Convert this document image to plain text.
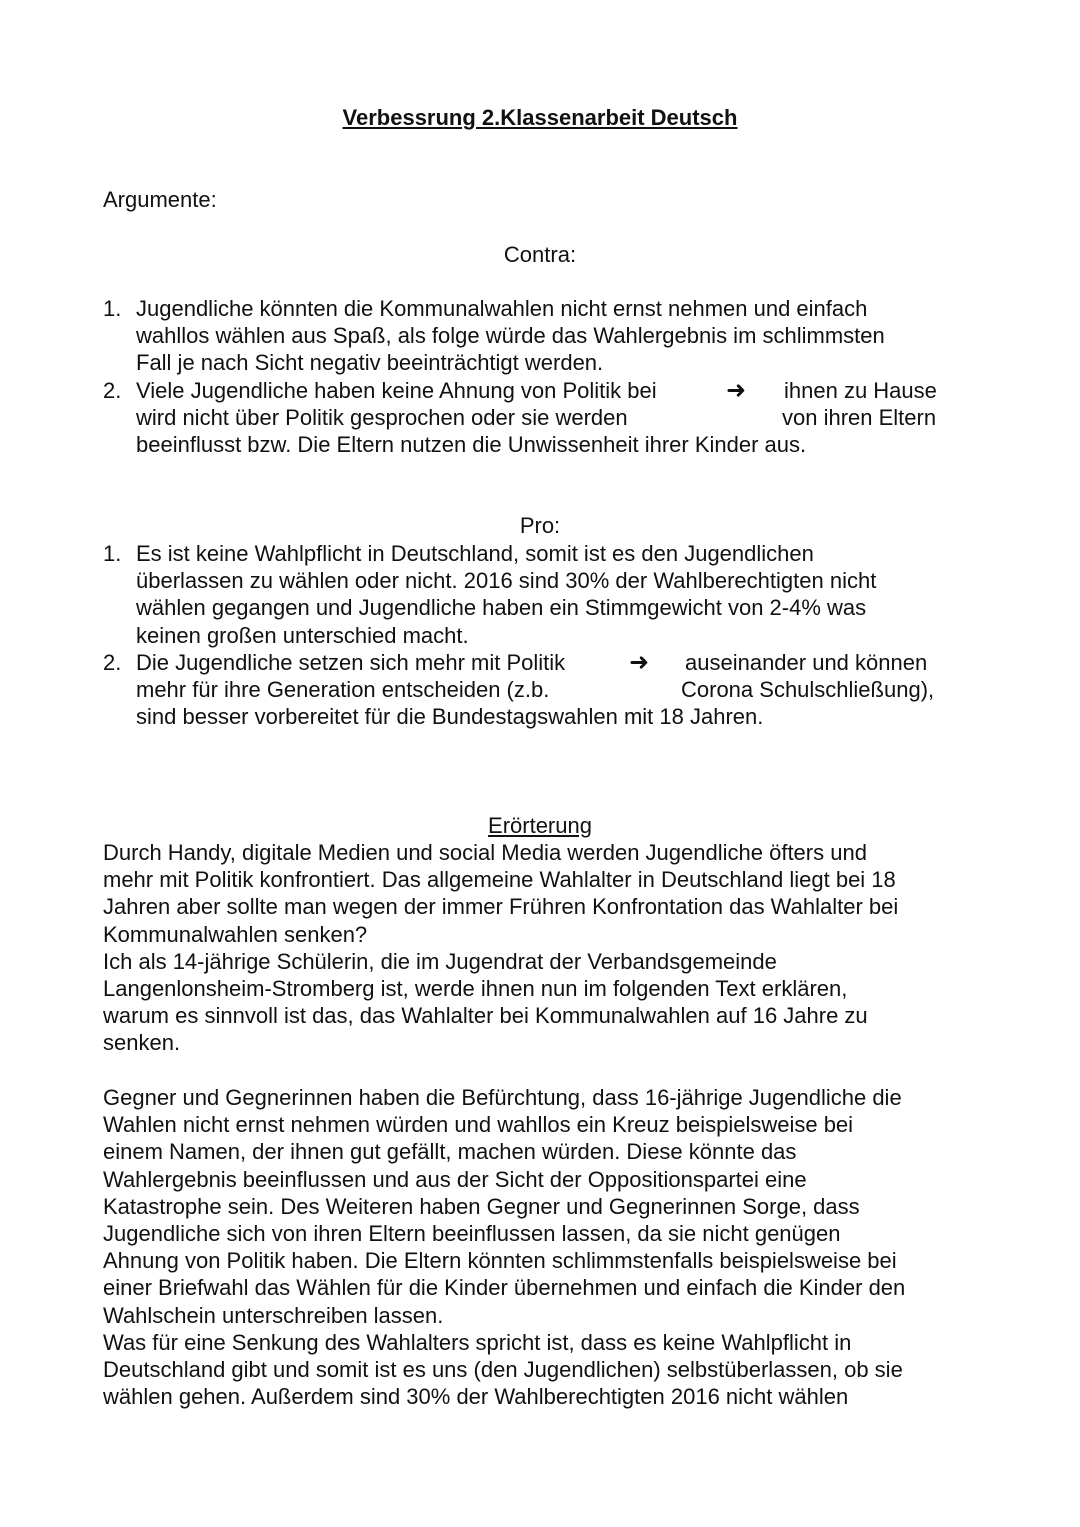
Verbessrung 2.Klassenarbeit Deutsch
Argumente:
Contra:
1. Jugendliche könnten die Kommunalwahlen nicht ernst nehmen und einfach
wahllos wählen aus Spaß, als folge würde das Wahlergebnis im schlimmsten
Fall je nach Sicht negativ beeinträchtigt werden.
2. Viele Jugendliche haben keine Ahnung von Politik bei	➜ ihnen zu Hause
wird nicht über Politik gesprochen oder sie werden	von ihren Eltern
beeinflusst bzw. Die Eltern nutzen die Unwissenheit ihrer Kinder aus.
Pro:
1. Es ist keine Wahlpflicht in Deutschland, somit ist es den Jugendlichen
überlassen zu wählen oder nicht. 2016 sind 30% der Wahlberechtigten nicht
wählen gegangen und Jugendliche haben ein Stimmgewicht von 2-4% was
keinen großen unterschied macht.
2. Die Jugendliche setzen sich mehr mit Politik	➜ auseinander und können
mehr für ihre Generation entscheiden (z.b.	Corona Schulschließung),
sind besser vorbereitet für die Bundestagswahlen mit 18 Jahren.
Erörterung
Durch Handy, digitale Medien und social Media werden Jugendliche öfters und
mehr mit Politik konfrontiert. Das allgemeine Wahlalter in Deutschland liegt bei 18
Jahren aber sollte man wegen der immer Frühren Konfrontation das Wahlalter bei
Kommunalwahlen senken?
Ich als 14-jährige Schülerin, die im Jugendrat der Verbandsgemeinde
Langenlonsheim-Stromberg ist, werde ihnen nun im folgenden Text erklären,
warum es sinnvoll ist das, das Wahlalter bei Kommunalwahlen auf 16 Jahre zu
senken.
Gegner und Gegnerinnen haben die Befürchtung, dass 16-jährige Jugendliche die
Wahlen nicht ernst nehmen würden und wahllos ein Kreuz beispielsweise bei
einem Namen, der ihnen gut gefällt, machen würden. Diese könnte das
Wahlergebnis beeinflussen und aus der Sicht der Oppositionspartei eine
Katastrophe sein. Des Weiteren haben Gegner und Gegnerinnen Sorge, dass
Jugendliche sich von ihren Eltern beeinflussen lassen, da sie nicht genügen
Ahnung von Politik haben. Die Eltern könnten schlimmstenfalls beispielsweise bei
einer Briefwahl das Wählen für die Kinder übernehmen und einfach die Kinder den
Wahlschein unterschreiben lassen.
Was für eine Senkung des Wahlalters spricht ist, dass es keine Wahlpflicht in
Deutschland gibt und somit ist es uns (den Jugendlichen) selbstüberlassen, ob sie
wählen gehen. Außerdem sind 30% der Wahlberechtigten 2016 nicht wählen
